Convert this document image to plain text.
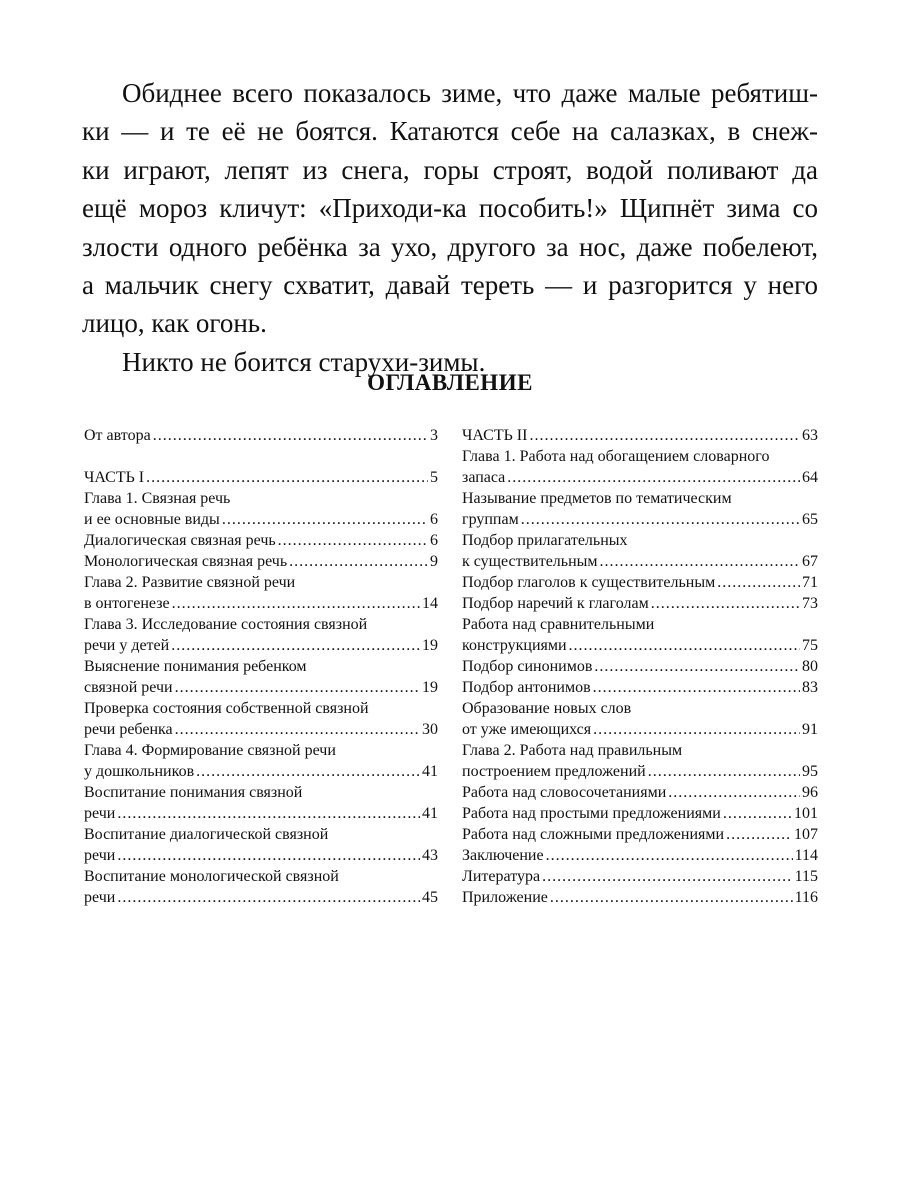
Обиднее всего показалось зиме, что даже малые ребятиш-
ки — и те её не боятся. Катаются себе на салазках, в снеж-
ки играют, лепят из снега, горы строят, водой поливают да
ещё мороз кличут: «Приходи-ка пособить!» Щипнёт зима со
злости одного ребёнка за ухо, другого за нос, даже побелеют,
а мальчик снегу схватит, давай тереть — и разгорится у него
лицо, как огонь.
Никто не боится старухи-зимы.
ОГЛАВЛЕНИЕ
От автора .....	3
ЧАСТЬ I .....	5
Глава 1. Связная речь
и ее основные виды .....	6
Диалогическая связная речь .....	6
Монологическая связная речь .....	9
Глава 2. Развитие связной речи
в онтогенезе .....	14
Глава 3. Исследование состояния связной
речи у детей .....	19
Выяснение понимания ребенком
связной речи .....	19
Проверка состояния собственной связной
речи ребенка .....	30
Глава 4. Формирование связной речи
у дошкольников .....	41
Воспитание понимания связной
речи .....	41
Воспитание диалогической связной
речи .....	43
Воспитание монологической связной
речи .....	45
ЧАСТЬ II .....	63
Глава 1. Работа над обогащением словарного
запаса .....	64
Называние предметов по тематическим
группам .....	65
Подбор прилагательных
к существительным .....	67
Подбор глаголов к существительным .....	71
Подбор наречий к глаголам .....	73
Работа над сравнительными
конструкциями .....	75
Подбор синонимов .....	80
Подбор антонимов .....	83
Образование новых слов
от уже имеющихся .....	91
Глава 2. Работа над правильным
построением предложений .....	95
Работа над словосочетаниями .....	96
Работа над простыми предложениями .....	101
Работа над сложными предложениями .....	107
Заключение .....	114
Литература .....	115
Приложение .....	116
